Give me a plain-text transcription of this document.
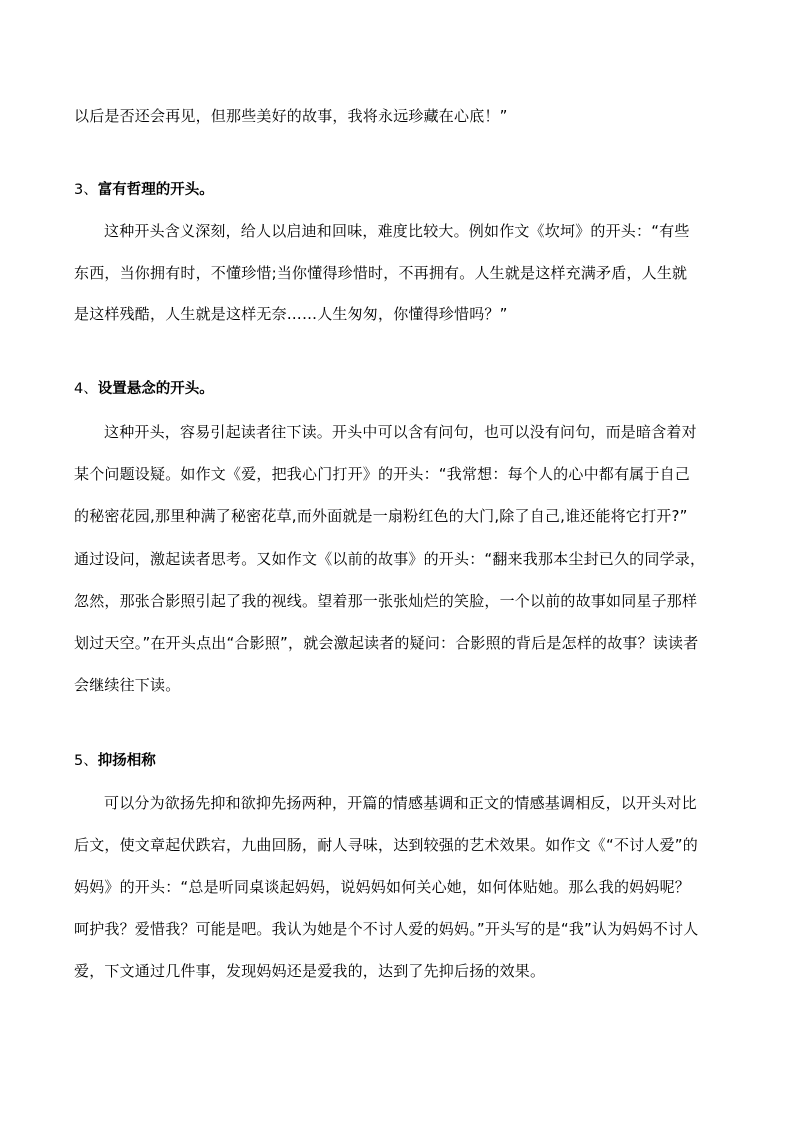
以后是否还会再见，但那些美好的故事，我将永远珍藏在心底！”
3、富有哲理的开头。
这种开头含义深刻，给人以启迪和回味，难度比较大。例如作文《坎坷》的开头：“有些
东西，当你拥有时，不懂珍惜;当你懂得珍惜时，不再拥有。人生就是这样充满矛盾，人生就
是这样残酷，人生就是这样无奈……人生匆匆，你懂得珍惜吗？”
4、设置悬念的开头。
这种开头，容易引起读者往下读。开头中可以含有问句，也可以没有问句，而是暗含着对
某个问题设疑。如作文《爱，把我心门打开》的开头：“我常想：每个人的心中都有属于自己
的秘密花园,那里种满了秘密花草,而外面就是一扇粉红色的大门,除了自己,谁还能将它打开?”
通过设问，激起读者思考。又如作文《以前的故事》的开头：“翻来我那本尘封已久的同学录，
忽然，那张合影照引起了我的视线。望着那一张张灿烂的笑脸，一个以前的故事如同星子那样
划过天空。”在开头点出“合影照”，就会激起读者的疑问：合影照的背后是怎样的故事？读读者
会继续往下读。
5、抑扬相称
可以分为欲扬先抑和欲抑先扬两种，开篇的情感基调和正文的情感基调相反，以开头对比
后文，使文章起伏跌宕，九曲回肠，耐人寻味，达到较强的艺术效果。如作文《“不讨人爱”的
妈妈》的开头：“总是听同桌谈起妈妈，说妈妈如何关心她，如何体贴她。那么我的妈妈呢？
呵护我？爱惜我？可能是吧。我认为她是个不讨人爱的妈妈。”开头写的是“我”认为妈妈不讨人
爱，下文通过几件事，发现妈妈还是爱我的，达到了先抑后扬的效果。
